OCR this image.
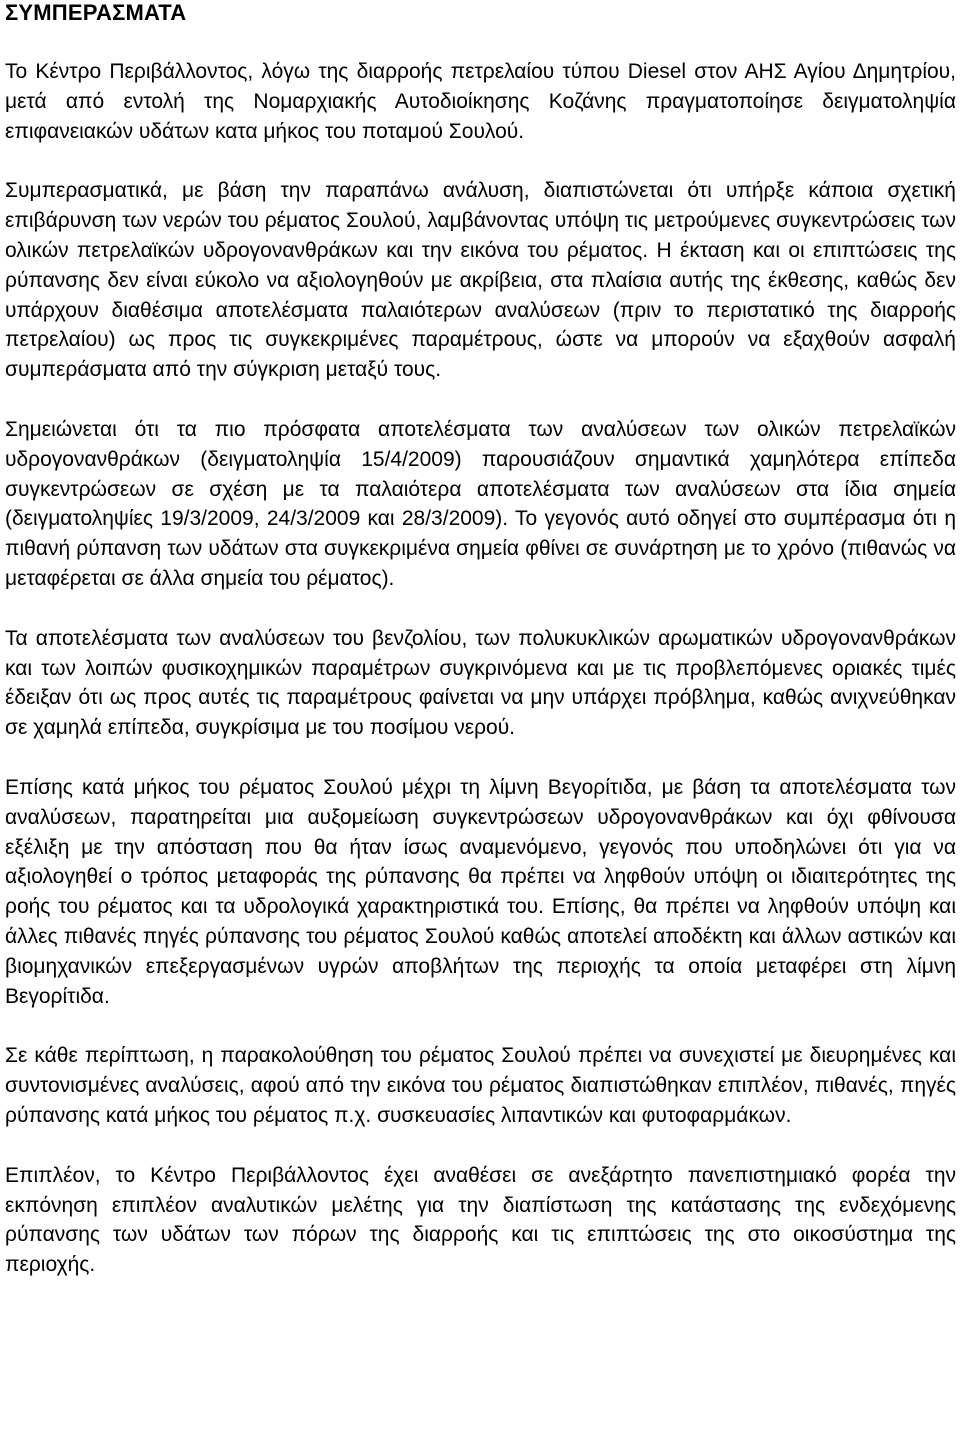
ΣΥΜΠΕΡΑΣΜΑΤΑ

Το Κέντρο Περιβάλλοντος, λόγω της διαρροής πετρελαίου τύπου Diesel στον ΑΗΣ Αγίου Δημητρίου, μετά από εντολή της Νομαρχιακής Αυτοδιοίκησης Κοζάνης πραγματοποίησε δειγματοληψία επιφανειακών υδάτων κατα μήκος του ποταμού Σουλού.

Συμπερασματικά, με βάση την παραπάνω ανάλυση, διαπιστώνεται ότι υπήρξε κάποια σχετική επιβάρυνση των νερών του ρέματος Σουλού, λαμβάνοντας υπόψη τις μετρούμενες συγκεντρώσεις των ολικών πετρελαϊκών υδρογονανθράκων και την εικόνα του ρέματος. Η έκταση και οι επιπτώσεις της ρύπανσης δεν είναι εύκολο να αξιολογηθούν με ακρίβεια, στα πλαίσια αυτής της έκθεσης, καθώς δεν υπάρχουν διαθέσιμα αποτελέσματα παλαιότερων αναλύσεων (πριν το περιστατικό της διαρροής πετρελαίου) ως προς τις συγκεκριμένες παραμέτρους, ώστε να μπορούν να εξαχθούν ασφαλή συμπεράσματα από την σύγκριση μεταξύ τους.

Σημειώνεται ότι τα πιο πρόσφατα αποτελέσματα των αναλύσεων των ολικών πετρελαϊκών υδρογονανθράκων (δειγματοληψία 15/4/2009) παρουσιάζουν σημαντικά χαμηλότερα επίπεδα συγκεντρώσεων σε σχέση με τα παλαιότερα αποτελέσματα των αναλύσεων στα ίδια σημεία (δειγματοληψίες 19/3/2009, 24/3/2009 και 28/3/2009). Το γεγονός αυτό οδηγεί στο συμπέρασμα ότι η πιθανή ρύπανση των υδάτων στα συγκεκριμένα σημεία φθίνει σε συνάρτηση με το χρόνο (πιθανώς να μεταφέρεται σε άλλα σημεία του ρέματος).

Τα αποτελέσματα των αναλύσεων του βενζολίου, των πολυκυκλικών αρωματικών υδρογονανθράκων και των λοιπών φυσικοχημικών παραμέτρων συγκρινόμενα και με τις προβλεπόμενες οριακές τιμές έδειξαν ότι ως προς αυτές τις παραμέτρους φαίνεται να μην υπάρχει πρόβλημα, καθώς ανιχνεύθηκαν σε χαμηλά επίπεδα, συγκρίσιμα με του ποσίμου νερού.

Επίσης κατά μήκος του ρέματος Σουλού μέχρι τη λίμνη Βεγορίτιδα, με βάση τα αποτελέσματα των αναλύσεων, παρατηρείται μια αυξομείωση συγκεντρώσεων υδρογονανθράκων και όχι φθίνουσα εξέλιξη με την απόσταση που θα ήταν ίσως αναμενόμενο, γεγονός που υποδηλώνει ότι για να αξιολογηθεί ο τρόπος μεταφοράς της ρύπανσης θα πρέπει να ληφθούν υπόψη οι ιδιαιτερότητες της ροής του ρέματος και τα υδρολογικά χαρακτηριστικά του. Επίσης, θα πρέπει να ληφθούν υπόψη και άλλες πιθανές πηγές ρύπανσης του ρέματος Σουλού καθώς αποτελεί αποδέκτη και άλλων αστικών και βιομηχανικών επεξεργασμένων υγρών αποβλήτων της περιοχής τα οποία μεταφέρει στη λίμνη Βεγορίτιδα.

Σε κάθε περίπτωση, η παρακολούθηση του ρέματος Σουλού πρέπει να συνεχιστεί με διευρημένες και συντονισμένες αναλύσεις, αφού από την εικόνα του ρέματος διαπιστώθηκαν επιπλέον, πιθανές, πηγές ρύπανσης κατά μήκος του ρέματος π.χ. συσκευασίες λιπαντικών και φυτοφαρμάκων.

Επιπλέον, το Κέντρο Περιβάλλοντος έχει αναθέσει σε ανεξάρτητο πανεπιστημιακό φορέα την εκπόνηση επιπλέον αναλυτικών μελέτης για την διαπίστωση της κατάστασης της ενδεχόμενης ρύπανσης των υδάτων των πόρων της διαρροής και τις επιπτώσεις της στο οικοσύστημα της περιοχής.
